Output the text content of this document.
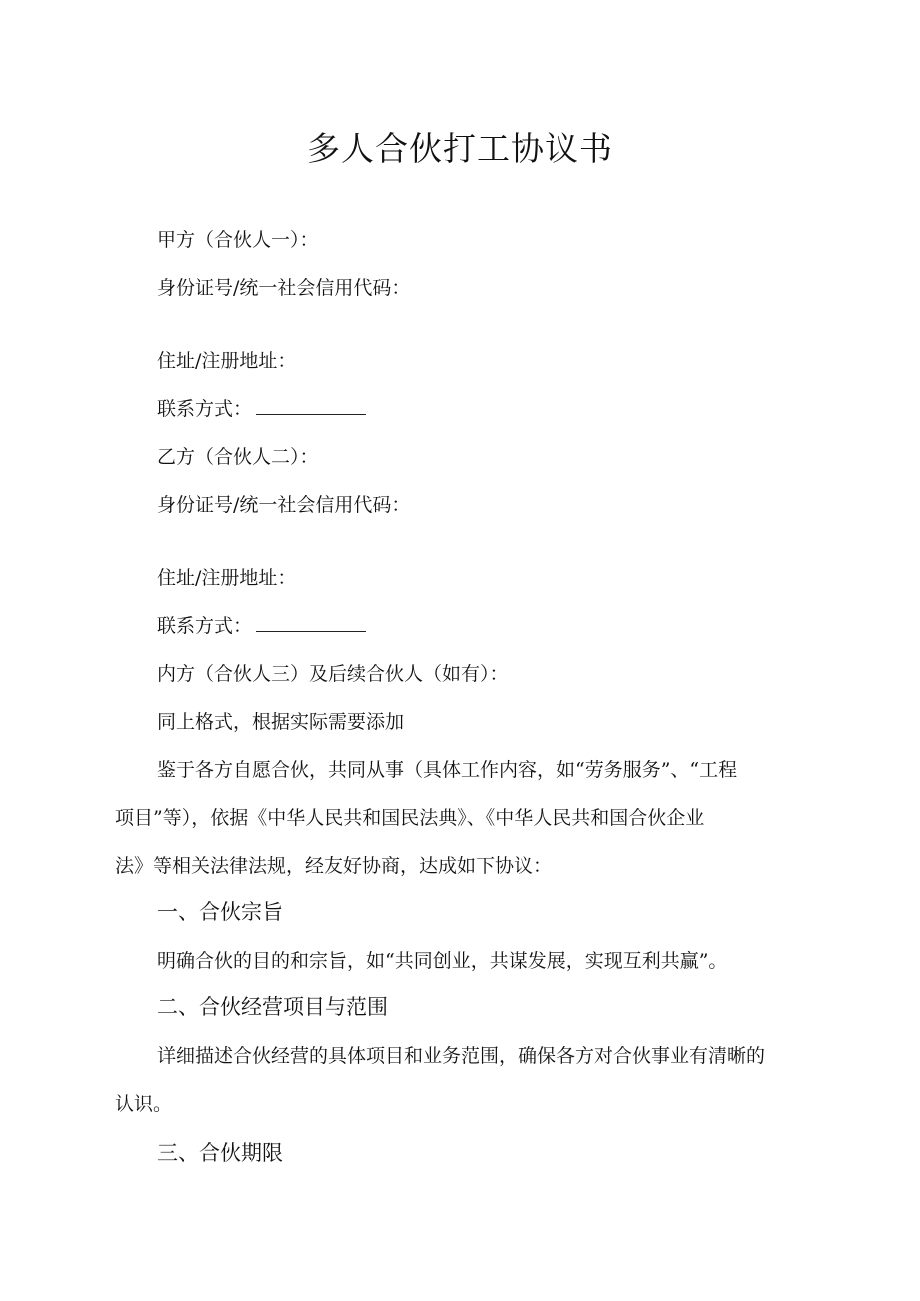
多人合伙打工协议书
甲方（合伙人一）：
身份证号/统一社会信用代码：
住址/注册地址：
联系方式：
乙方（合伙人二）：
身份证号/统一社会信用代码：
住址/注册地址：
联系方式：
内方（合伙人三）及后续合伙人（如有）：
同上格式，根据实际需要添加
鉴于各方自愿合伙，共同从事（具体工作内容，如“劳务服务”、“工程
项目”等），依据《中华人民共和国民法典》、《中华人民共和国合伙企业
法》等相关法律法规，经友好协商，达成如下协议：
一、合伙宗旨
明确合伙的目的和宗旨，如“共同创业，共谋发展，实现互利共赢”。
二、合伙经营项目与范围
详细描述合伙经营的具体项目和业务范围，确保各方对合伙事业有清晰的
认识。
三、合伙期限
